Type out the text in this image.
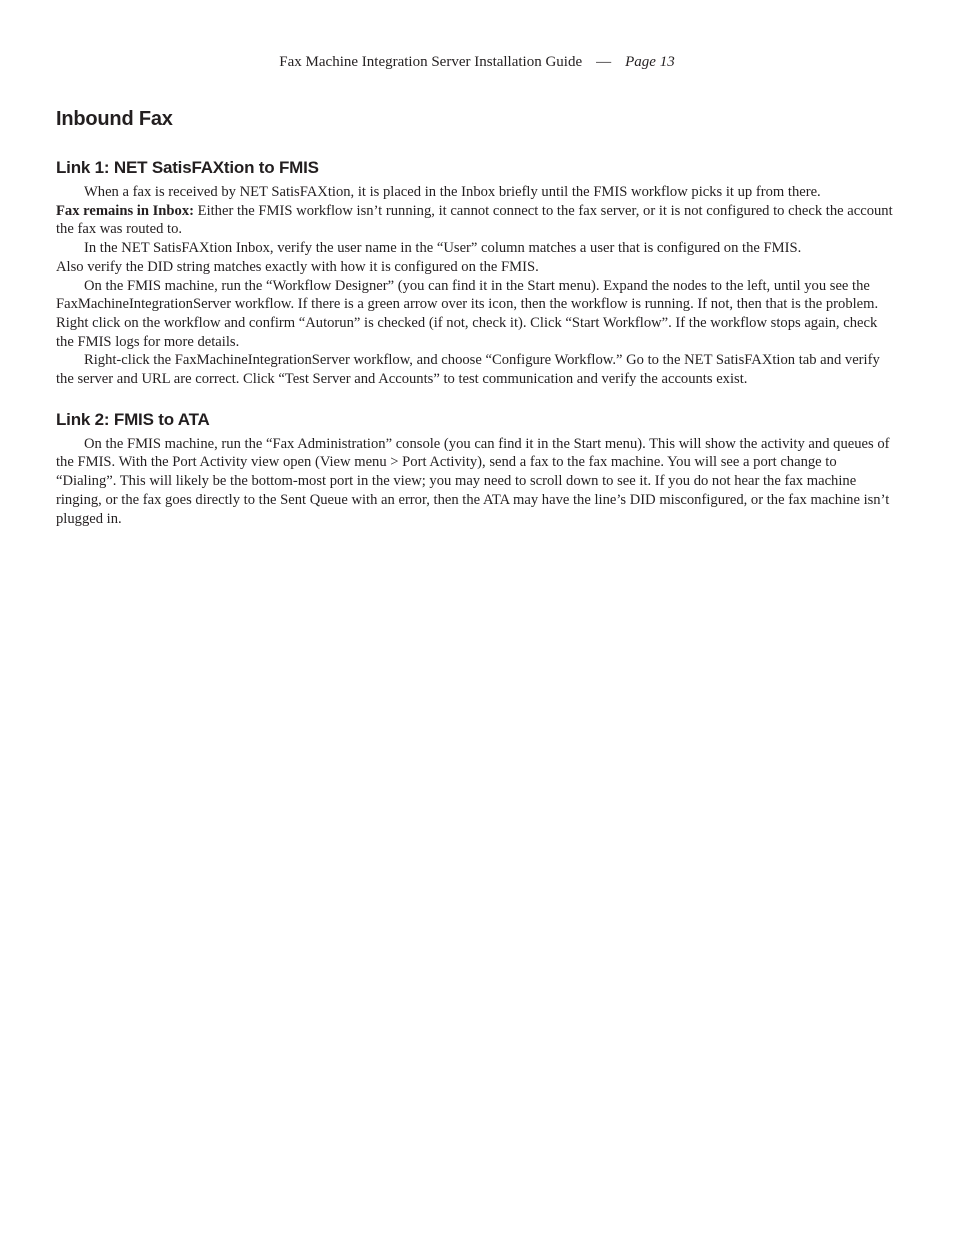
Fax Machine Integration Server Installation Guide — Page 13
Inbound Fax
Link 1: NET SatisFAXtion to FMIS

When a fax is received by NET SatisFAXtion, it is placed in the Inbox briefly until the FMIS workflow picks it up from there.

Fax remains in Inbox: Either the FMIS workflow isn’t running, it cannot connect to the fax server, or it is not configured to check the account the fax was routed to.

In the NET SatisFAXtion Inbox, verify the user name in the “User” column matches a user that is configured on the FMIS.

Also verify the DID string matches exactly with how it is configured on the FMIS.

On the FMIS machine, run the “Workflow Designer” (you can find it in the Start menu). Expand the nodes to the left, until you see the FaxMachineIntegrationServer workflow. If there is a green arrow over its icon, then the workflow is running. If not, then that is the problem. Right click on the workflow and confirm “Autorun” is checked (if not, check it). Click “Start Workflow”. If the workflow stops again, check the FMIS logs for more details.

Right-click the FaxMachineIntegrationServer workflow, and choose “Configure Workflow.” Go to the NET SatisFAXtion tab and verify the server and URL are correct. Click “Test Server and Accounts” to test communication and verify the accounts exist.

Link 2: FMIS to ATA

On the FMIS machine, run the “Fax Administration” console (you can find it in the Start menu). This will show the activity and queues of the FMIS. With the Port Activity view open (View menu > Port Activity), send a fax to the fax machine. You will see a port change to “Dialing”. This will likely be the bottom-most port in the view; you may need to scroll down to see it. If you do not hear the fax machine ringing, or the fax goes directly to the Sent Queue with an error, then the ATA may have the line’s DID misconfigured, or the fax machine isn’t plugged in.
